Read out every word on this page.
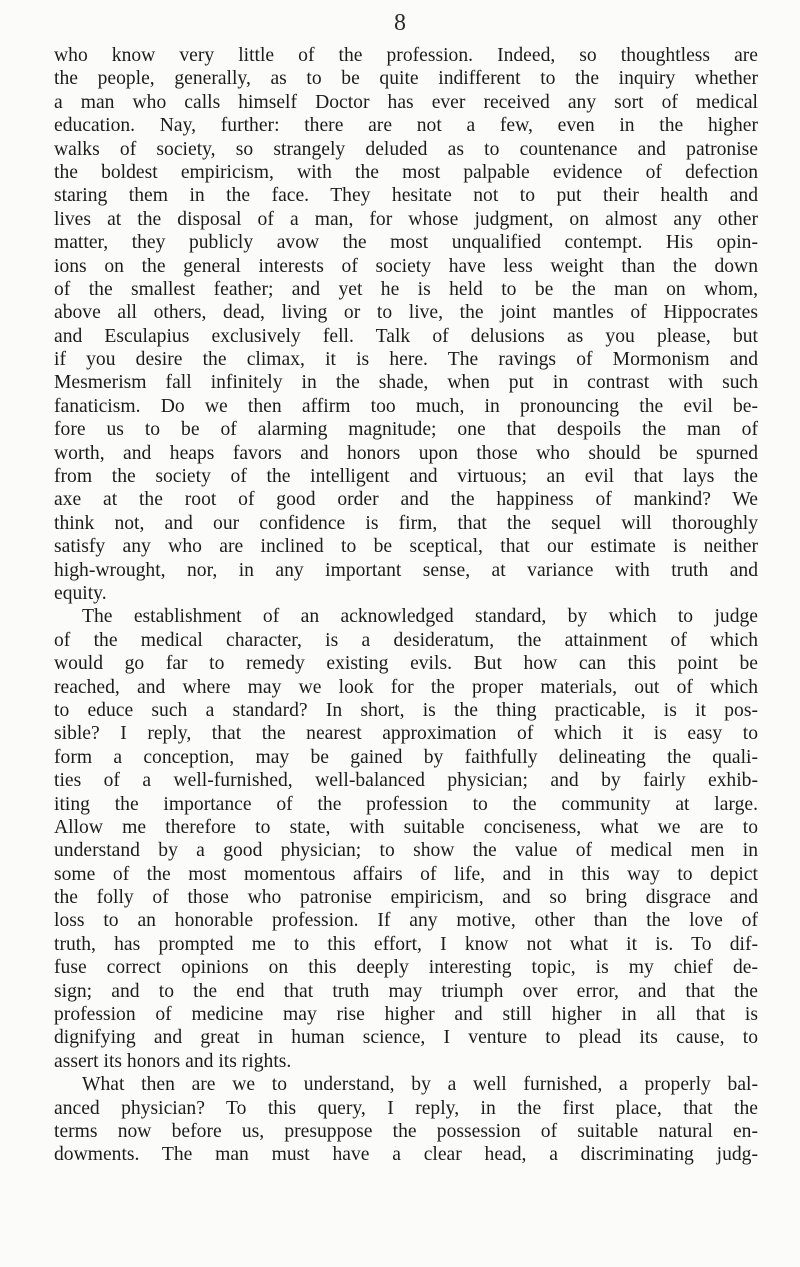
8
who know very little of the profession. Indeed, so thoughtless are
the people, generally, as to be quite indifferent to the inquiry whether
a man who calls himself Doctor has ever received any sort of medical
education. Nay, further: there are not a few, even in the higher
walks of society, so strangely deluded as to countenance and patronise
the boldest empiricism, with the most palpable evidence of defection
staring them in the face. They hesitate not to put their health and
lives at the disposal of a man, for whose judgment, on almost any other
matter, they publicly avow the most unqualified contempt. His opin-
ions on the general interests of society have less weight than the down
of the smallest feather; and yet he is held to be the man on whom,
above all others, dead, living or to live, the joint mantles of Hippocrates
and Esculapius exclusively fell. Talk of delusions as you please, but
if you desire the climax, it is here. The ravings of Mormonism and
Mesmerism fall infinitely in the shade, when put in contrast with such
fanaticism. Do we then affirm too much, in pronouncing the evil be-
fore us to be of alarming magnitude; one that despoils the man of
worth, and heaps favors and honors upon those who should be spurned
from the society of the intelligent and virtuous; an evil that lays the
axe at the root of good order and the happiness of mankind? We
think not, and our confidence is firm, that the sequel will thoroughly
satisfy any who are inclined to be sceptical, that our estimate is neither
high-wrought, nor, in any important sense, at variance with truth and
equity.
The establishment of an acknowledged standard, by which to judge
of the medical character, is a desideratum, the attainment of which
would go far to remedy existing evils. But how can this point be
reached, and where may we look for the proper materials, out of which
to educe such a standard? In short, is the thing practicable, is it pos-
sible? I reply, that the nearest approximation of which it is easy to
form a conception, may be gained by faithfully delineating the quali-
ties of a well-furnished, well-balanced physician; and by fairly exhib-
iting the importance of the profession to the community at large.
Allow me therefore to state, with suitable conciseness, what we are to
understand by a good physician; to show the value of medical men in
some of the most momentous affairs of life, and in this way to depict
the folly of those who patronise empiricism, and so bring disgrace and
loss to an honorable profession. If any motive, other than the love of
truth, has prompted me to this effort, I know not what it is. To dif-
fuse correct opinions on this deeply interesting topic, is my chief de-
sign; and to the end that truth may triumph over error, and that the
profession of medicine may rise higher and still higher in all that is
dignifying and great in human science, I venture to plead its cause, to
assert its honors and its rights.
What then are we to understand, by a well furnished, a properly bal-
anced physician? To this query, I reply, in the first place, that the
terms now before us, presuppose the possession of suitable natural en-
dowments. The man must have a clear head, a discriminating judg-
